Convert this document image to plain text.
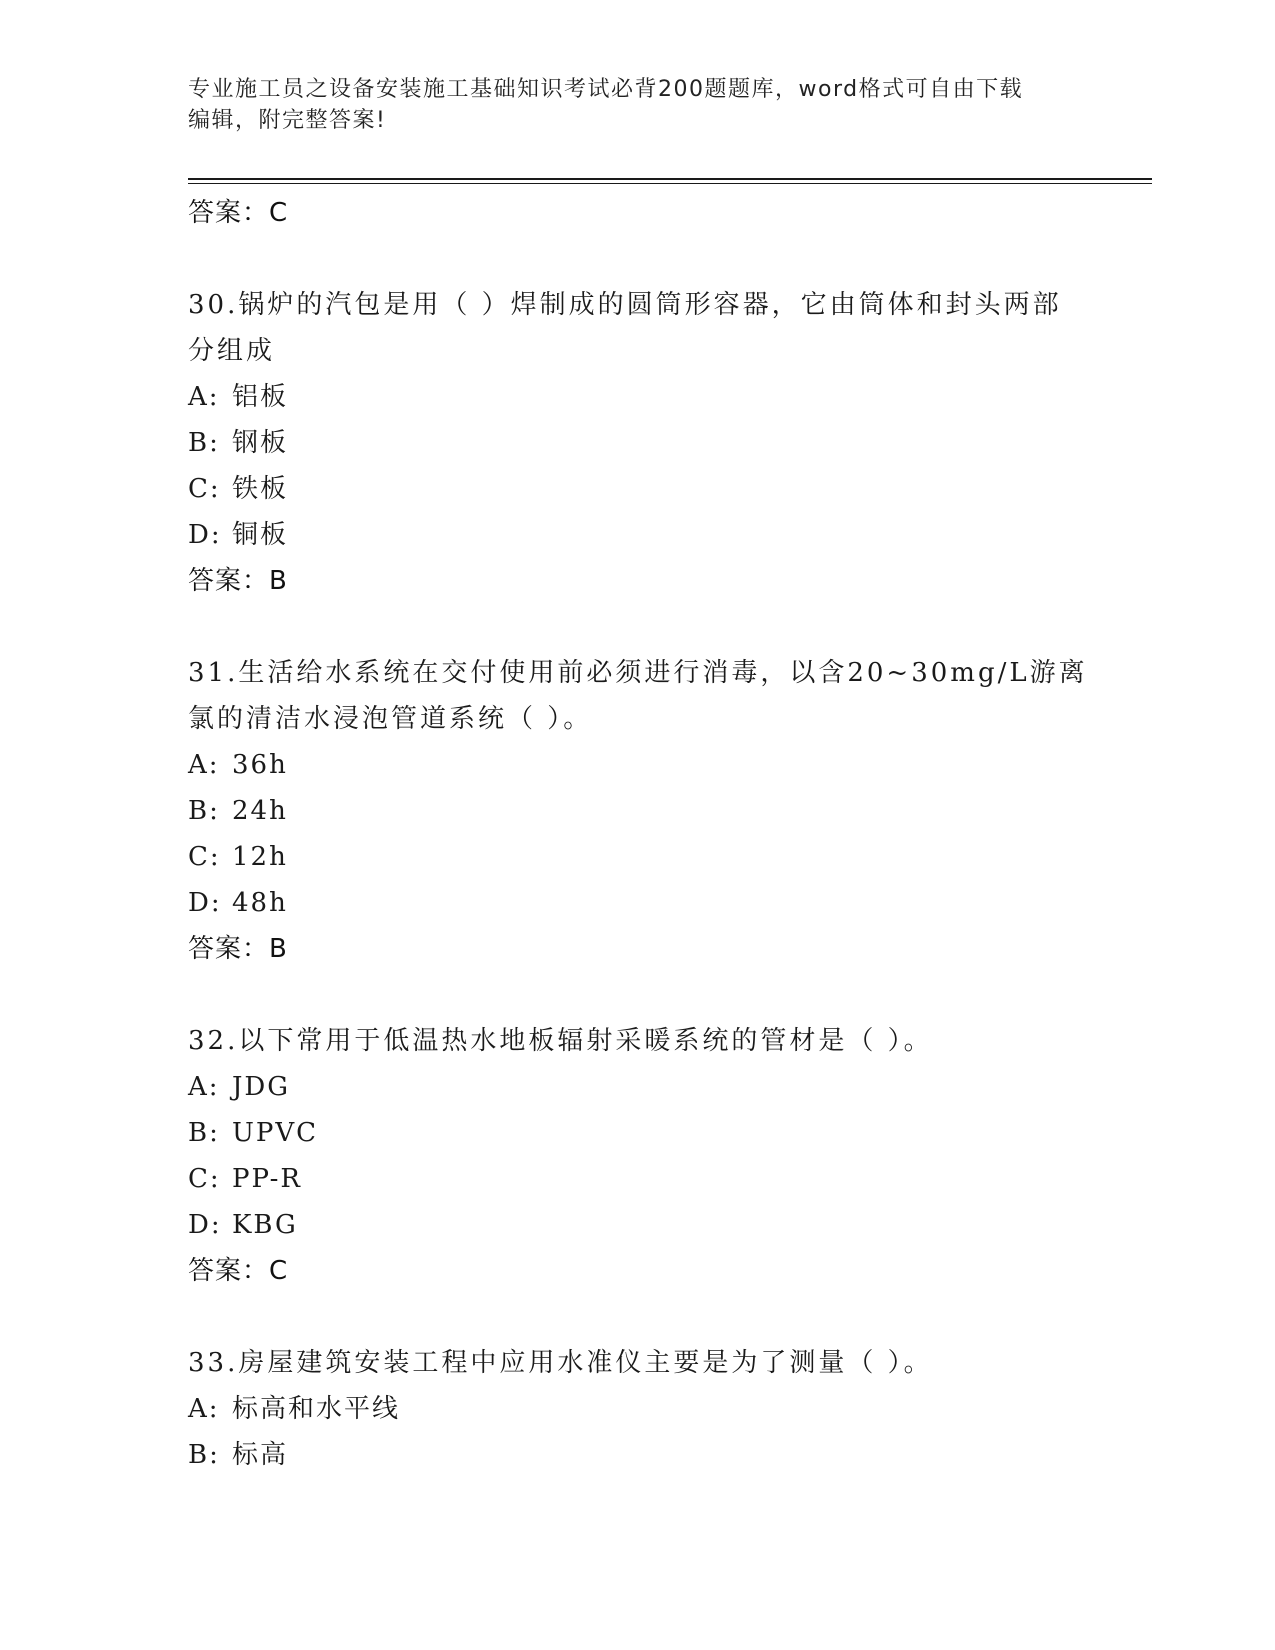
专业施工员之设备安装施工基础知识考试必背200题题库，word格式可自由下载
编辑，附完整答案!
答案：C
30.锅炉的汽包是用（ ）焊制成的圆筒形容器，它由筒体和封头两部分组成
A: 铝板
B: 钢板
C: 铁板
D: 铜板
答案：B
31.生活给水系统在交付使用前必须进行消毒，以含20~30mg/L游离氯的清洁水浸泡管道系统（ ）。
A: 36h
B: 24h
C: 12h
D: 48h
答案：B
32.以下常用于低温热水地板辐射采暖系统的管材是（ ）。
A: JDG
B: UPVC
C: PP-R
D: KBG
答案：C
33.房屋建筑安装工程中应用水准仪主要是为了测量（ ）。
A: 标高和水平线
B: 标高
